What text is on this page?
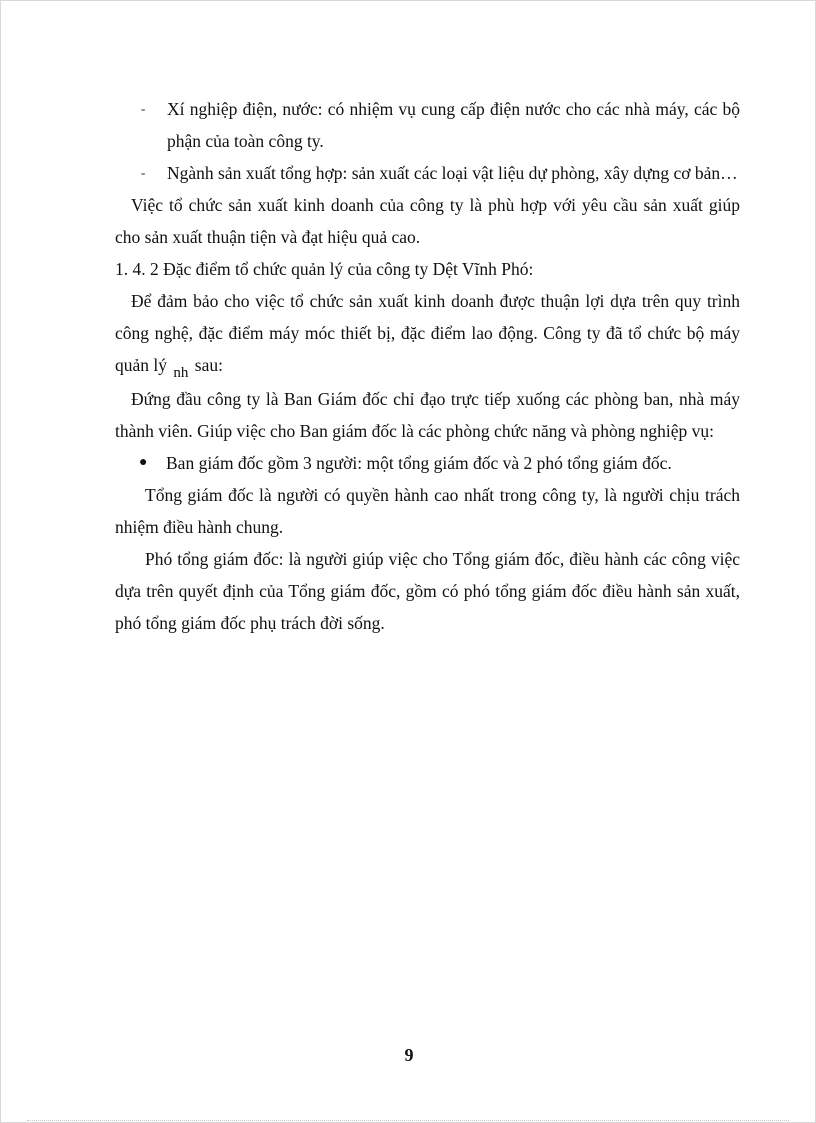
- Xí nghiệp điện, nước: có nhiệm vụ cung cấp điện nước cho các nhà máy, các bộ phận của toàn công ty.
- Ngành sản xuất tổng hợp: sản xuất các loại vật liệu dự phòng, xây dựng cơ bản…
Việc tổ chức sản xuất kinh doanh của công ty là phù hợp với yêu cầu sản xuất giúp cho sản xuất thuận tiện và đạt hiệu quả cao.
1. 4. 2 Đặc điểm tổ chức quản lý của công ty Dệt Vĩnh Phó:
Để đảm bảo cho việc tổ chức sản xuất kinh doanh được thuận lợi dựa trên quy trình công nghệ, đặc điểm máy móc thiết bị, đặc điểm lao động. Công ty đã tổ chức bộ máy quản lý nh sau:
Đứng đầu công ty là Ban Giám đốc chỉ đạo trực tiếp xuống các phòng ban, nhà máy thành viên. Giúp việc cho Ban giám đốc là các phòng chức năng và phòng nghiệp vụ:
● Ban giám đốc gồm 3 người: một tổng giám đốc và 2 phó tổng giám đốc.
Tổng giám đốc là người có quyền hành cao nhất trong công ty, là người chịu trách nhiệm điều hành chung.
Phó tổng giám đốc: là người giúp việc cho Tổng giám đốc, điều hành các công việc dựa trên quyết định của Tổng giám đốc, gồm có phó tổng giám đốc điều hành sản xuất, phó tổng giám đốc phụ trách đời sống.
9
